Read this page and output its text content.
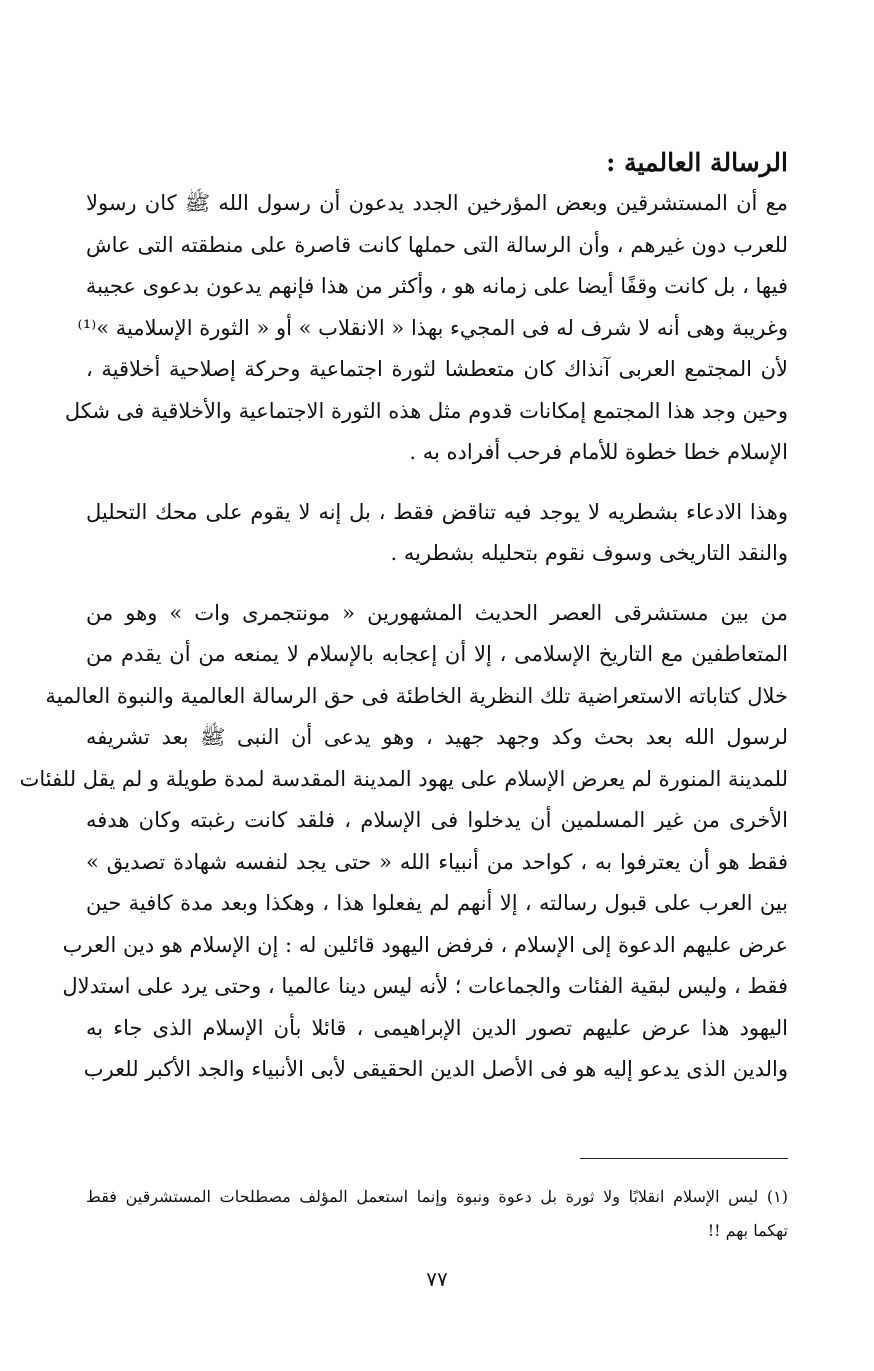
الرسالة العالمية :
مع أن المستشرقين وبعض المؤرخين الجدد يدعون أن رسول الله ﷺ كان رسولا
للعرب دون غيرهم ، وأن الرسالة التى حملها كانت قاصرة على منطقته التى عاش
فيها ، بل كانت وقفًا أيضا على زمانه هو ، وأكثر من هذا فإنهم يدعون بدعوى عجيبة
وغريبة وهى أنه لا شرف له فى المجيء بهذا « الانقلاب » أو « الثورة الإسلامية »⁽¹⁾
لأن المجتمع العربى آنذاك كان متعطشا لثورة اجتماعية وحركة إصلاحية أخلاقية ،
وحين وجد هذا المجتمع إمكانات قدوم مثل هذه الثورة الاجتماعية والأخلاقية فى شكل
الإسلام خطا خطوة للأمام فرحب أفراده به .
وهذا الادعاء بشطريه لا يوجد فيه تناقض فقط ، بل إنه لا يقوم على محك التحليل
والنقد التاريخى وسوف نقوم بتحليله بشطريه .
من بين مستشرقى العصر الحديث المشهورين « مونتجمرى وات » وهو من
المتعاطفين مع التاريخ الإسلامى ، إلا أن إعجابه بالإسلام لا يمنعه من أن يقدم من
خلال كتاباته الاستعراضية تلك النظرية الخاطئة فى حق الرسالة العالمية والنبوة العالمية
لرسول الله بعد بحث وكد وجهد جهيد ، وهو يدعى أن النبى ﷺ بعد تشريفه
للمدينة المنورة لم يعرض الإسلام على يهود المدينة المقدسة لمدة طويلة و لم يقل للفئات
الأخرى من غير المسلمين أن يدخلوا فى الإسلام ، فلقد كانت رغبته وكان هدفه
فقط هو أن يعترفوا به ، كواحد من أنبياء الله « حتى يجد لنفسه شهادة تصديق »
بين العرب على قبول رسالته ، إلا أنهم لم يفعلوا هذا ، وهكذا وبعد مدة كافية حين
عرض عليهم الدعوة إلى الإسلام ، فرفض اليهود قائلين له : إن الإسلام هو دين العرب
فقط ، وليس لبقية الفئات والجماعات ؛ لأنه ليس دينا عالميا ، وحتى يرد على استدلال
اليهود هذا عرض عليهم تصور الدين الإبراهيمى ، قائلا بأن الإسلام الذى جاء به
والدين الذى يدعو إليه هو فى الأصل الدين الحقيقى لأبى الأنبياء والجد الأكبر للعرب
(١) ليس الإسلام انقلابًا ولا ثورة بل دعوة ونبوة وإنما استعمل المؤلف مصطلحات المستشرقين فقط
تهكما بهم !!
٧٧
